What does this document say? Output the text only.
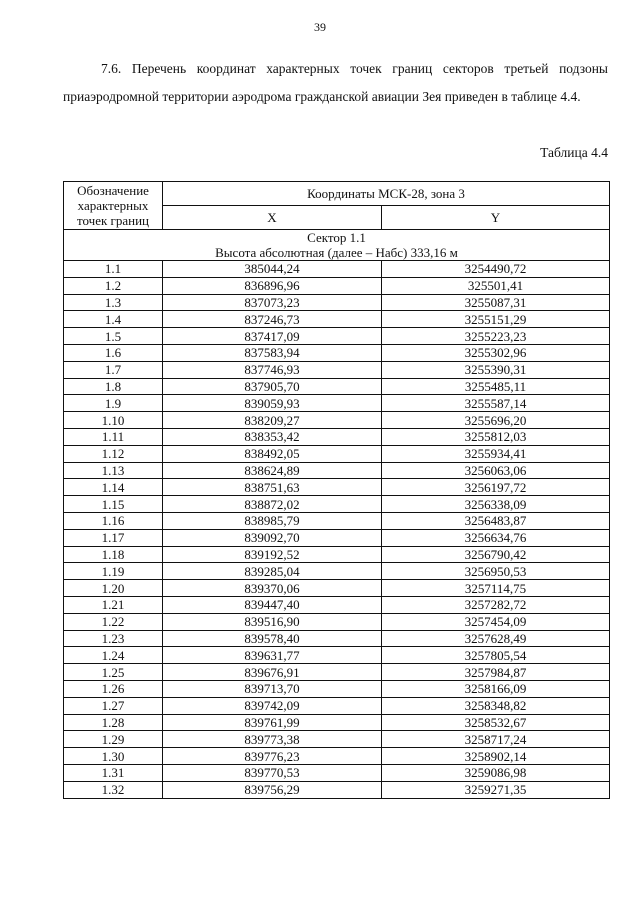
39

7.6. Перечень координат характерных точек границ секторов третьей подзоны приаэродромной территории аэродрома гражданской авиации Зея приведен в таблице 4.4.

Таблица 4.4
Обозначение характерных точек границ	Координаты МСК-28, зона 3	
	X	Y

Сектор 1.1
Высота абсолютная (далее – Набс) 333,16 м		

1.1	385044,24	3254490,72
1.2	836896,96	325501,41
1.3	837073,23	3255087,31
1.4	837246,73	3255151,29
1.5	837417,09	3255223,23
1.6	837583,94	3255302,96
1.7	837746,93	3255390,31
1.8	837905,70	3255485,11
1.9	839059,93	3255587,14
1.10	838209,27	3255696,20
1.11	838353,42	3255812,03
1.12	838492,05	3255934,41
1.13	838624,89	3256063,06
1.14	838751,63	3256197,72
1.15	838872,02	3256338,09
1.16	838985,79	3256483,87
1.17	839092,70	3256634,76
1.18	839192,52	3256790,42
1.19	839285,04	3256950,53
1.20	839370,06	3257114,75
1.21	839447,40	3257282,72
1.22	839516,90	3257454,09
1.23	839578,40	3257628,49
1.24	839631,77	3257805,54
1.25	839676,91	3257984,87
1.26	839713,70	3258166,09
1.27	839742,09	3258348,82
1.28	839761,99	3258532,67
1.29	839773,38	3258717,24
1.30	839776,23	3258902,14
1.31	839770,53	3259086,98
1.32	839756,29	3259271,35
